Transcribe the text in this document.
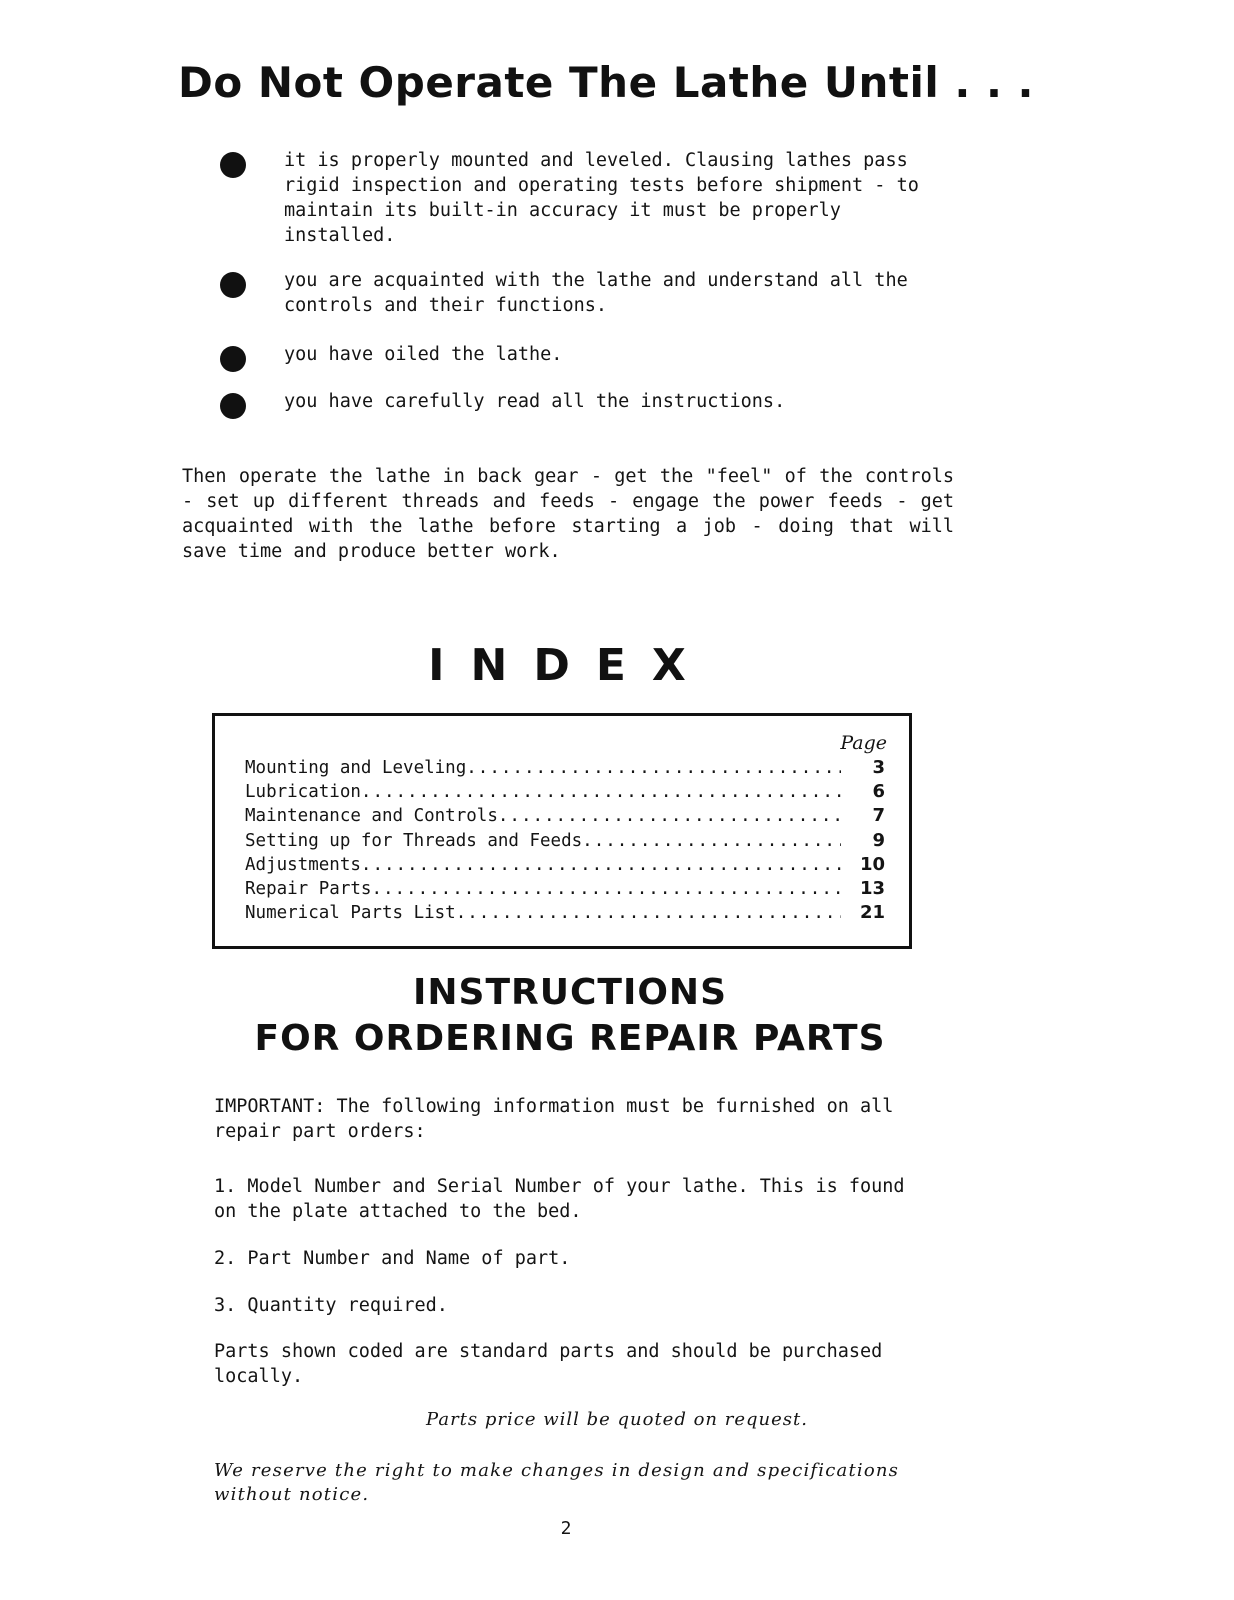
Do Not Operate The Lathe Until . . .
it is properly mounted and leveled. Clausing lathes pass rigid inspection and operating tests before shipment - to maintain its built-in accuracy it must be properly installed.
you are acquainted with the lathe and understand all the controls and their functions.
you have oiled the lathe.
you have carefully read all the instructions.
Then operate the lathe in back gear - get the "feel" of the controls - set up different threads and feeds - engage the power feeds - get acquainted with the lathe before starting a job - doing that will save time and produce better work.
INDEX
Page
Mounting and Leveling .....	3
Lubrication .....	6
Maintenance and Controls .....	7
Setting up for Threads and Feeds .....	9
Adjustments .....	10
Repair Parts .....	13
Numerical Parts List .....	21
INSTRUCTIONS
FOR ORDERING REPAIR PARTS
IMPORTANT: The following information must be furnished on all repair part orders:
1. Model Number and Serial Number of your lathe. This is found on the plate attached to the bed.
2. Part Number and Name of part.
3. Quantity required.
Parts shown coded are standard parts and should be purchased locally.
Parts price will be quoted on request.
We reserve the right to make changes in design and specifications without notice.
2
